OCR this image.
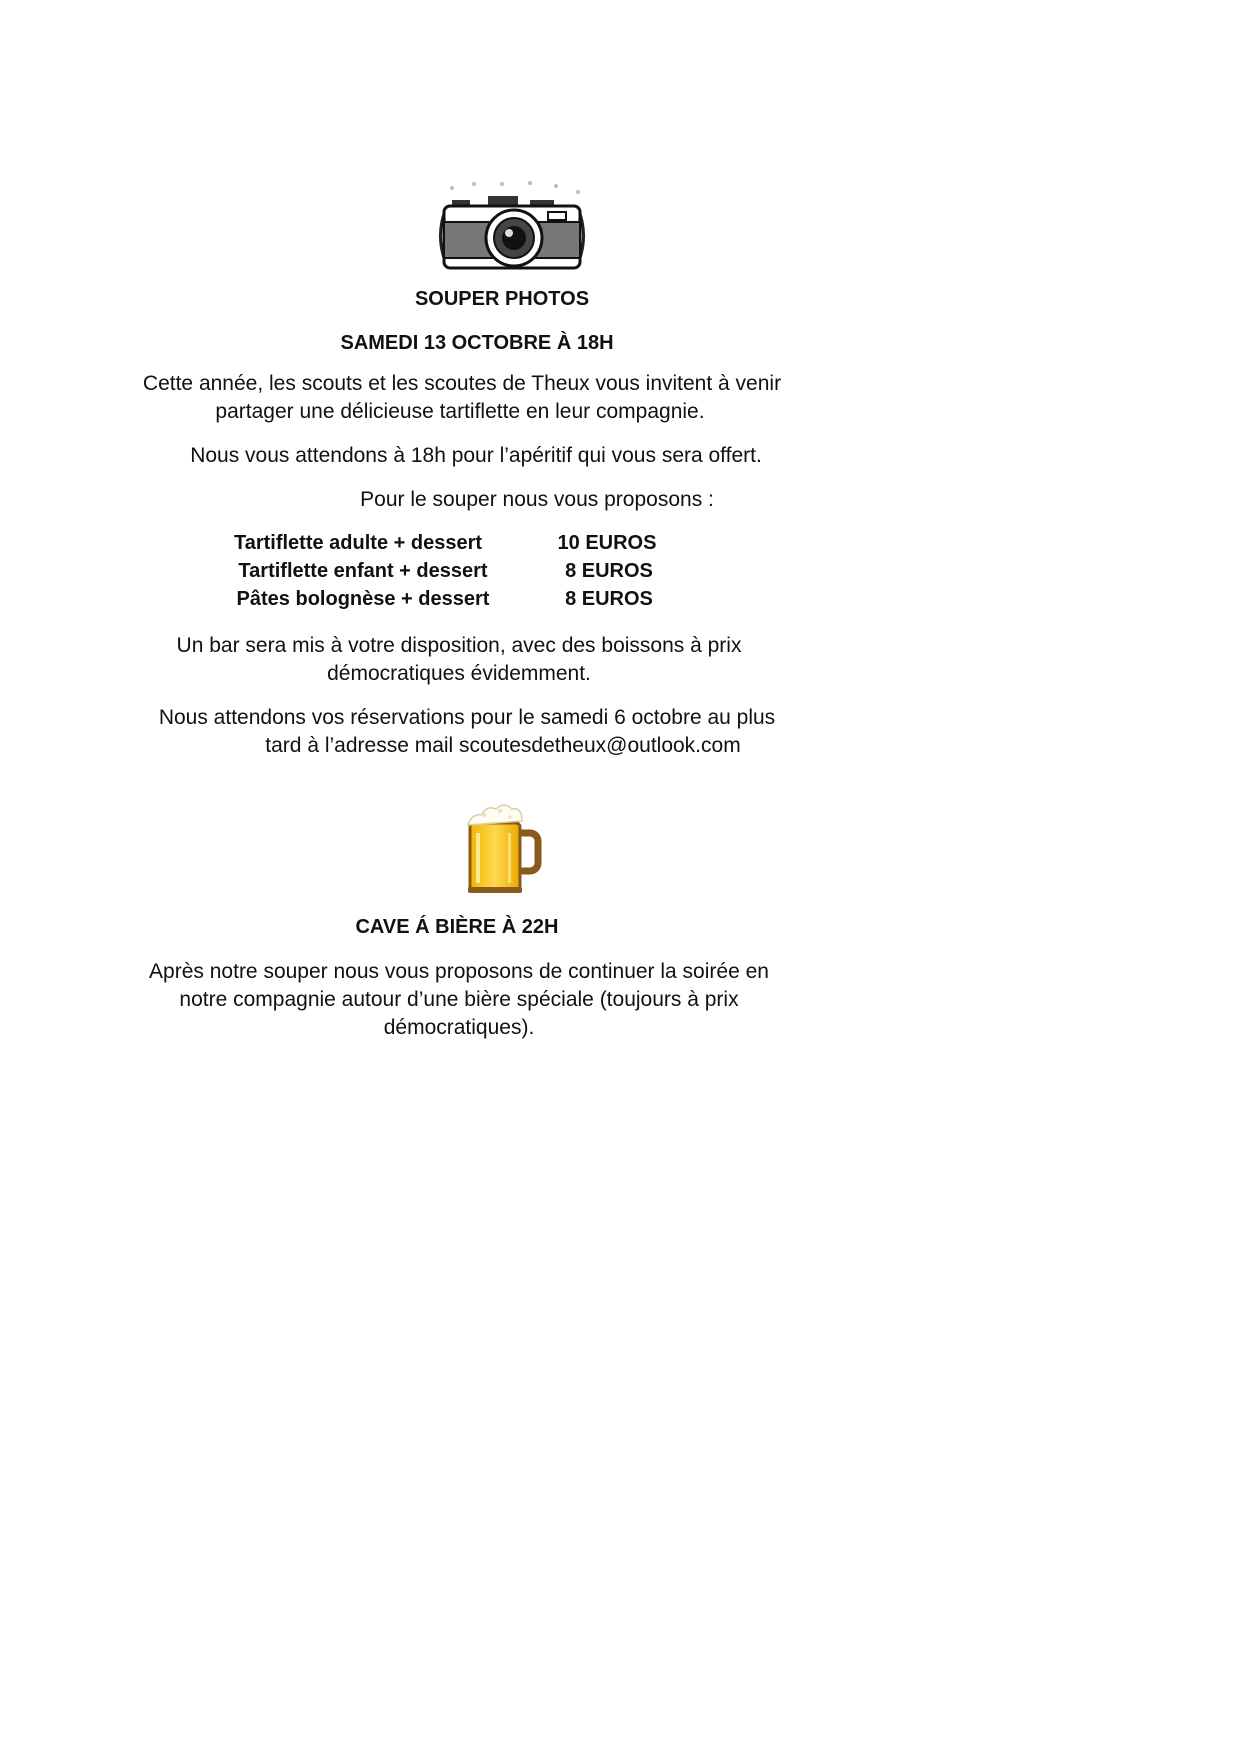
SOUPER PHOTOS
SAMEDI 13 OCTOBRE À 18H
Cette année, les scouts et les scoutes de Theux vous invitent à venir
partager une délicieuse tartiflette en leur compagnie.
Nous vous attendons à 18h pour l’apéritif qui vous sera offert.
Pour le souper nous vous proposons :
Tartiflette adulte + dessert	10 EUROS
Tartiflette enfant + dessert	8 EUROS
Pâtes bolognèse + dessert	8 EUROS
Un bar sera mis à votre disposition, avec des boissons à prix
démocratiques évidemment.
Nous attendons vos réservations pour le samedi 6 octobre au plus
tard à l’adresse mail scoutesdetheux@outlook.com
CAVE Á BIÈRE À 22H
Après notre souper nous vous proposons de continuer la soirée en
notre compagnie autour d’une bière spéciale (toujours à prix
démocratiques).
